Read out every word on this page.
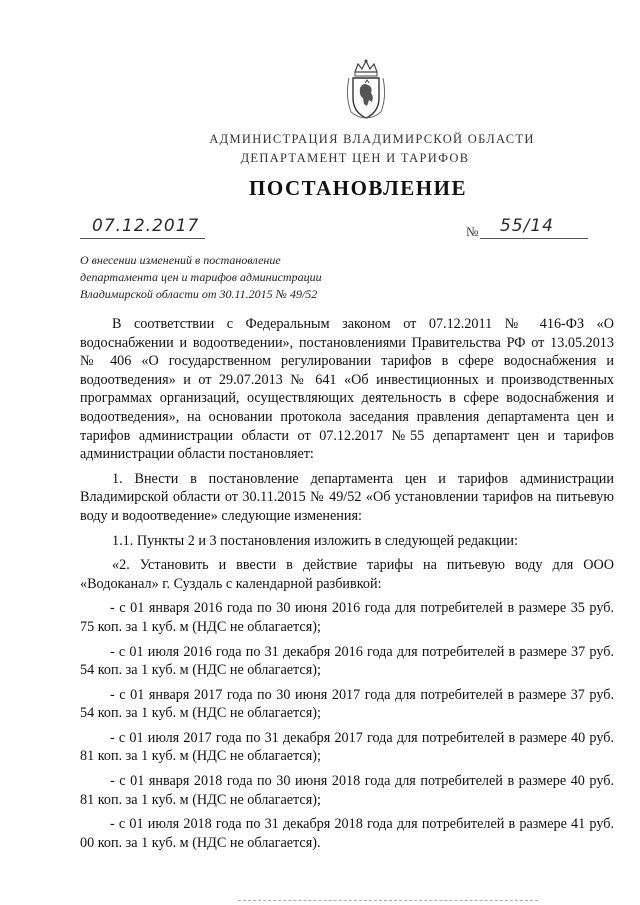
АДМИНИСТРАЦИЯ ВЛАДИМИРСКОЙ ОБЛАСТИ
ДЕПАРТАМЕНТ ЦЕН И ТАРИФОВ
ПОСТАНОВЛЕНИЕ
07.12.2017	№ 55/14
О внесении изменений в постановление
департамента цен и тарифов администрации
Владимирской области от 30.11.2015 № 49/52

В соответствии с Федеральным законом от 07.12.2011 № 416-ФЗ «О водоснабжении и водоотведении», постановлениями Правительства РФ от 13.05.2013 № 406 «О государственном регулировании тарифов в сфере водоснабжения и водоотведения» и от 29.07.2013 № 641 «Об инвестиционных и производственных программах организаций, осуществляющих деятельность в сфере водоснабжения и водоотведения», на основании протокола заседания правления департамента цен и тарифов администрации области от 07.12.2017 №55 департамент цен и тарифов администрации области постановляет:

1. Внести в постановление департамента цен и тарифов администрации Владимирской области от 30.11.2015 № 49/52 «Об установлении тарифов на питьевую воду и водоотведение» следующие изменения:

1.1. Пункты 2 и 3 постановления изложить в следующей редакции:

«2. Установить и ввести в действие тарифы на питьевую воду для ООО «Водоканал» г. Суздаль с календарной разбивкой:

- с 01 января 2016 года по 30 июня 2016 года для потребителей в размере 35 руб. 75 коп. за 1 куб. м (НДС не облагается);

- с 01 июля 2016 года по 31 декабря 2016 года для потребителей в размере 37 руб. 54 коп. за 1 куб. м (НДС не облагается);

- с 01 января 2017 года по 30 июня 2017 года для потребителей в размере 37 руб. 54 коп. за 1 куб. м (НДС не облагается);

- с 01 июля 2017 года по 31 декабря 2017 года для потребителей в размере 40 руб. 81 коп. за 1 куб. м (НДС не облагается);

- с 01 января 2018 года по 30 июня 2018 года для потребителей в размере 40 руб. 81 коп. за 1 куб. м (НДС не облагается);

- с 01 июля 2018 года по 31 декабря 2018 года для потребителей в размере 41 руб. 00 коп. за 1 куб. м (НДС не облагается).
